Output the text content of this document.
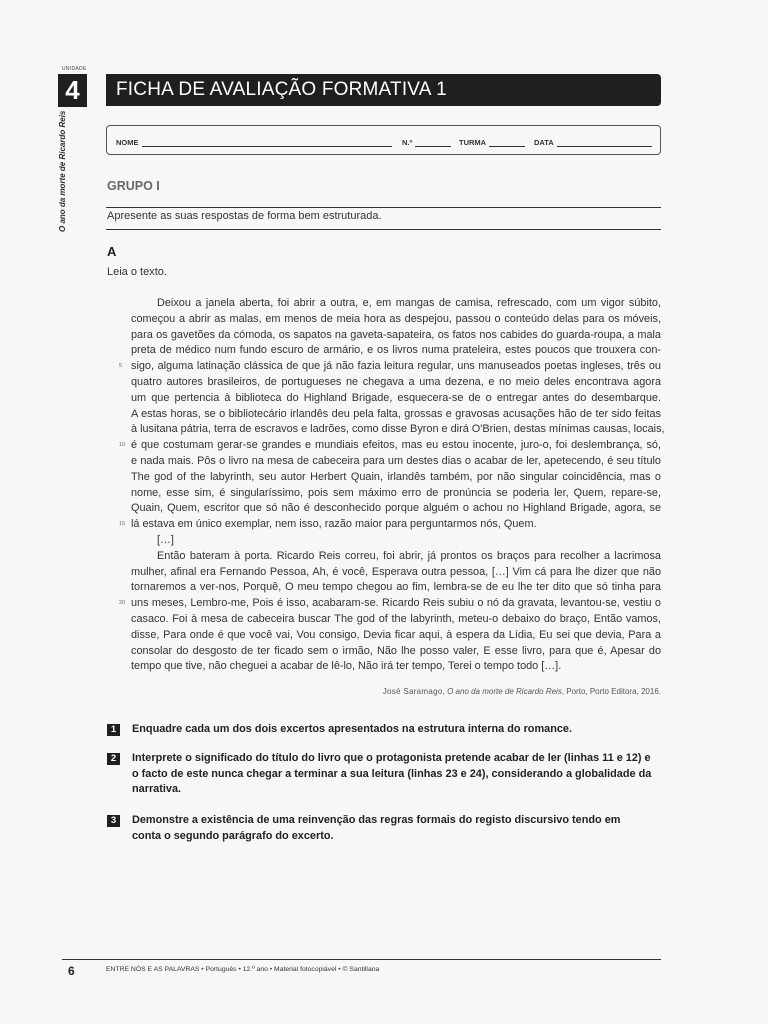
UNIDADE
4
O ano da morte de Ricardo Reis
FICHA DE AVALIAÇÃO FORMATIVA 1
NOME	N.º	TURMA	DATA
GRUPO I
Apresente as suas respostas de forma bem estruturada.
A
Leia o texto.
Deixou a janela aberta, foi abrir a outra, e, em mangas de camisa, refrescado, com um vigor súbito,
começou a abrir as malas, em menos de meia hora as despejou, passou o conteúdo delas para os móveis,
para os gavetões da cómoda, os sapatos na gaveta-sapateira, os fatos nos cabides do guarda-roupa, a mala
preta de médico num fundo escuro de armário, e os livros numa prateleira, estes poucos que trouxera con-
5 sigo, alguma latinação clássica de que já não fazia leitura regular, uns manuseados poetas ingleses, três ou
quatro autores brasileiros, de portugueses ne chegava a uma dezena, e no meio deles encontrava agora
um que pertencia à biblioteca do Highland Brigade, esquecera-se de o entregar antes do desembarque.
A estas horas, se o bibliotecário irlandês deu pela falta, grossas e gravosas acusações hão de ter sido feitas
à lusitana pátria, terra de escravos e ladrões, como disse Byron e dirá O'Brien, destas mínimas causas, locais,
10 é que costumam gerar-se grandes e mundiais efeitos, mas eu estou inocente, juro-o, foi deslembrança, só,
e nada mais. Pôs o livro na mesa de cabeceira para um destes dias o acabar de ler, apetecendo, é seu título
The god of the labyrinth, seu autor Herbert Quain, irlandês também, por não singular coincidência, mas o
nome, esse sim, é singularíssimo, pois sem máximo erro de pronúncia se poderia ler, Quem, repare-se,
Quain, Quem, escritor que só não é desconhecido porque alguém o achou no Highland Brigade, agora, se
15 lá estava em único exemplar, nem isso, razão maior para perguntarmos nós, Quem.
[…]
Então bateram à porta. Ricardo Reis correu, foi abrir, já prontos os braços para recolher a lacrimosa
mulher, afinal era Fernando Pessoa, Ah, é você, Esperava outra pessoa, […] Vim cá para lhe dizer que não
tornaremos a ver-nos, Porquê, O meu tempo chegou ao fim, lembra-se de eu lhe ter dito que só tinha para
20 uns meses, Lembro-me, Pois é isso, acabaram-se. Ricardo Reis subiu o nó da gravata, levantou-se, vestiu o
casaco. Foi à mesa de cabeceira buscar The god of the labyrinth, meteu-o debaixo do braço, Então vamos,
disse, Para onde é que você vai, Vou consigo, Devia ficar aqui, à espera da Lídia, Eu sei que devia, Para a
consolar do desgosto de ter ficado sem o irmão, Não lhe posso valer, E esse livro, para que é, Apesar do
tempo que tive, não cheguei a acabar de lê-lo, Não irá ter tempo, Terei o tempo todo […].
José Saramago, O ano da morte de Ricardo Reis, Porto, Porto Editora, 2016.
1	Enquadre cada um dos dois excertos apresentados na estrutura interna do romance.
2	Interprete o significado do título do livro que o protagonista pretende acabar de ler (linhas 11 e 12) e o facto de este nunca chegar a terminar a sua leitura (linhas 23 e 24), considerando a globalidade da narrativa.
3	Demonstre a existência de uma reinvenção das regras formais do registo discursivo tendo em conta o segundo parágrafo do excerto.
6	ENTRE NÓS E AS PALAVRAS • Português • 12.º ano • Material fotocopiável • © Santillana
